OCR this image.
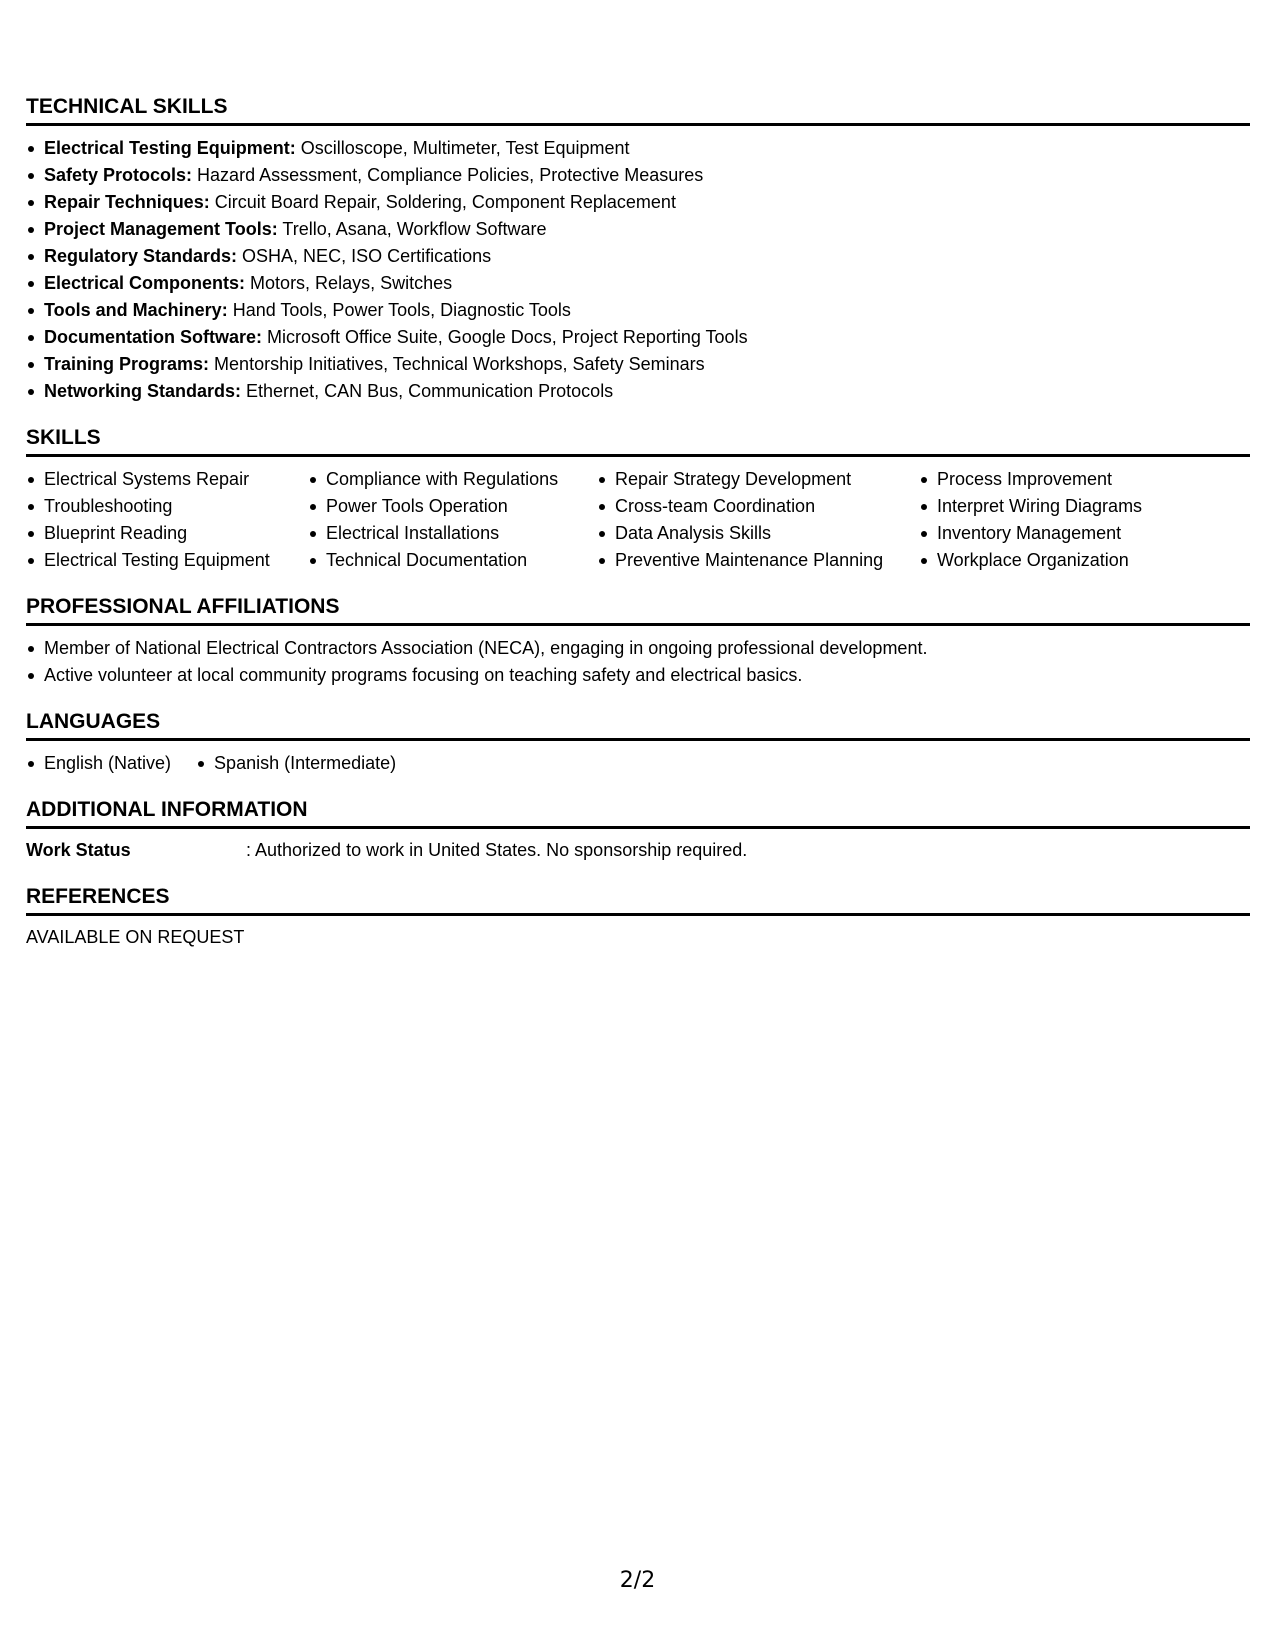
TECHNICAL SKILLS
Electrical Testing Equipment: Oscilloscope, Multimeter, Test Equipment
Safety Protocols: Hazard Assessment, Compliance Policies, Protective Measures
Repair Techniques: Circuit Board Repair, Soldering, Component Replacement
Project Management Tools: Trello, Asana, Workflow Software
Regulatory Standards: OSHA, NEC, ISO Certifications
Electrical Components: Motors, Relays, Switches
Tools and Machinery: Hand Tools, Power Tools, Diagnostic Tools
Documentation Software: Microsoft Office Suite, Google Docs, Project Reporting Tools
Training Programs: Mentorship Initiatives, Technical Workshops, Safety Seminars
Networking Standards: Ethernet, CAN Bus, Communication Protocols
SKILLS
Electrical Systems Repair
Troubleshooting
Blueprint Reading
Electrical Testing Equipment
Compliance with Regulations
Power Tools Operation
Electrical Installations
Technical Documentation
Repair Strategy Development
Cross-team Coordination
Data Analysis Skills
Preventive Maintenance Planning
Process Improvement
Interpret Wiring Diagrams
Inventory Management
Workplace Organization
PROFESSIONAL AFFILIATIONS
Member of National Electrical Contractors Association (NECA), engaging in ongoing professional development.
Active volunteer at local community programs focusing on teaching safety and electrical basics.
LANGUAGES
English (Native)	Spanish (Intermediate)
ADDITIONAL INFORMATION
Work Status	: Authorized to work in United States. No sponsorship required.
REFERENCES
AVAILABLE ON REQUEST
2/2
